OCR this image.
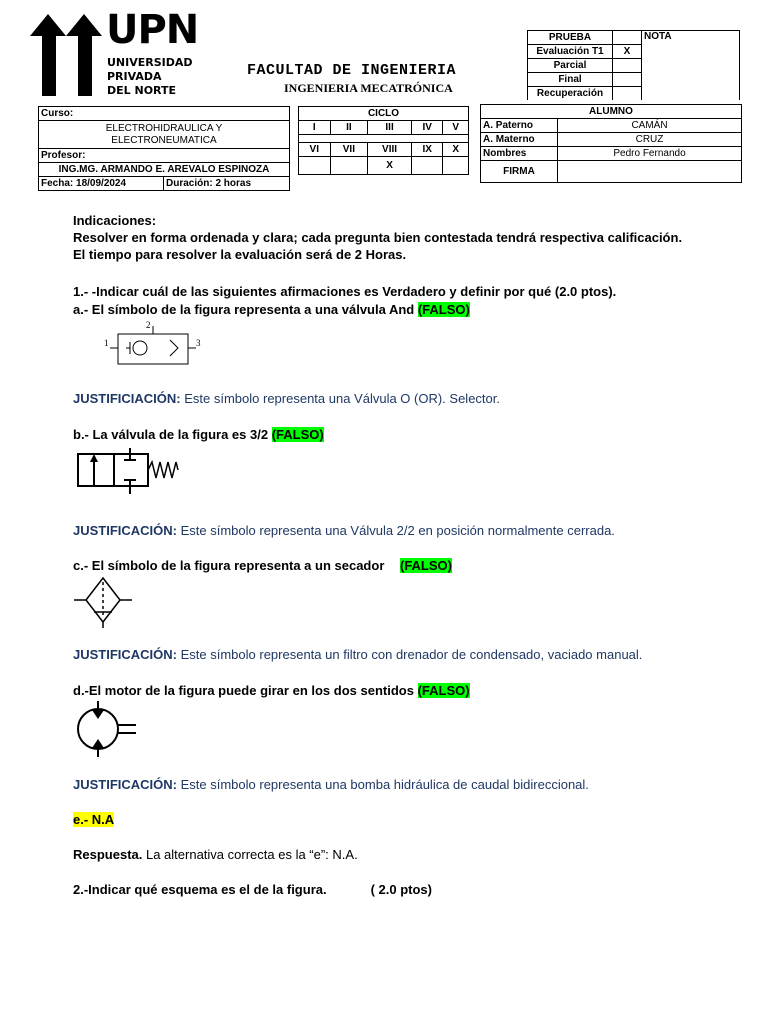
UPN
UNIVERSIDAD
PRIVADA
DEL NORTE
FACULTAD DE INGENIERIA
INGENIERIA MECATRÓNICA
PRUEBA		NOTA
Evaluación T1	X	
Parcial		
Final		
Recuperación		
Curso:

ELECTROHIDRAULICA Y
ELECTRONEUMATICA

Profesor:
ING.MG. ARMANDO E. AREVALO ESPINOZA
Fecha: 18/09/2024	Duración: 2 horas
CICLO				
I	II	III	IV	V

VI	VII	VIII	IX	X
		X		
ALUMNO	
A. Paterno	CAMÁN
A. Materno	CRUZ
Nombres	Pedro Fernando
FIRMA	
Indicaciones:
Resolver en forma ordenada y clara; cada pregunta bien contestada tendrá respectiva calificación.
El tiempo para resolver la evaluación será de 2 Horas.
1.- -Indicar cuál de las siguientes afirmaciones es Verdadero y definir por qué (2.0 ptos).
a.- El símbolo de la figura representa a una válvula And (FALSO)
1
2
3
JUSTIFICIACIÓN: Este símbolo representa una Válvula O (OR). Selector.
b.- La válvula de la figura es 3/2 (FALSO)
JUSTIFICACIÓN: Este símbolo representa una Válvula 2/2 en posición normalmente cerrada.
c.- El símbolo de la figura representa a un secador (FALSO)
JUSTIFICACIÓN: Este símbolo representa un filtro con drenador de condensado, vaciado manual.
d.-El motor de la figura puede girar en los dos sentidos (FALSO)
JUSTIFICACIÓN: Este símbolo representa una bomba hidráulica de caudal bidireccional.
e.- N.A
Respuesta. La alternativa correcta es la “e”: N.A.
2.-Indicar qué esquema es el de la figura.	( 2.0 ptos)
